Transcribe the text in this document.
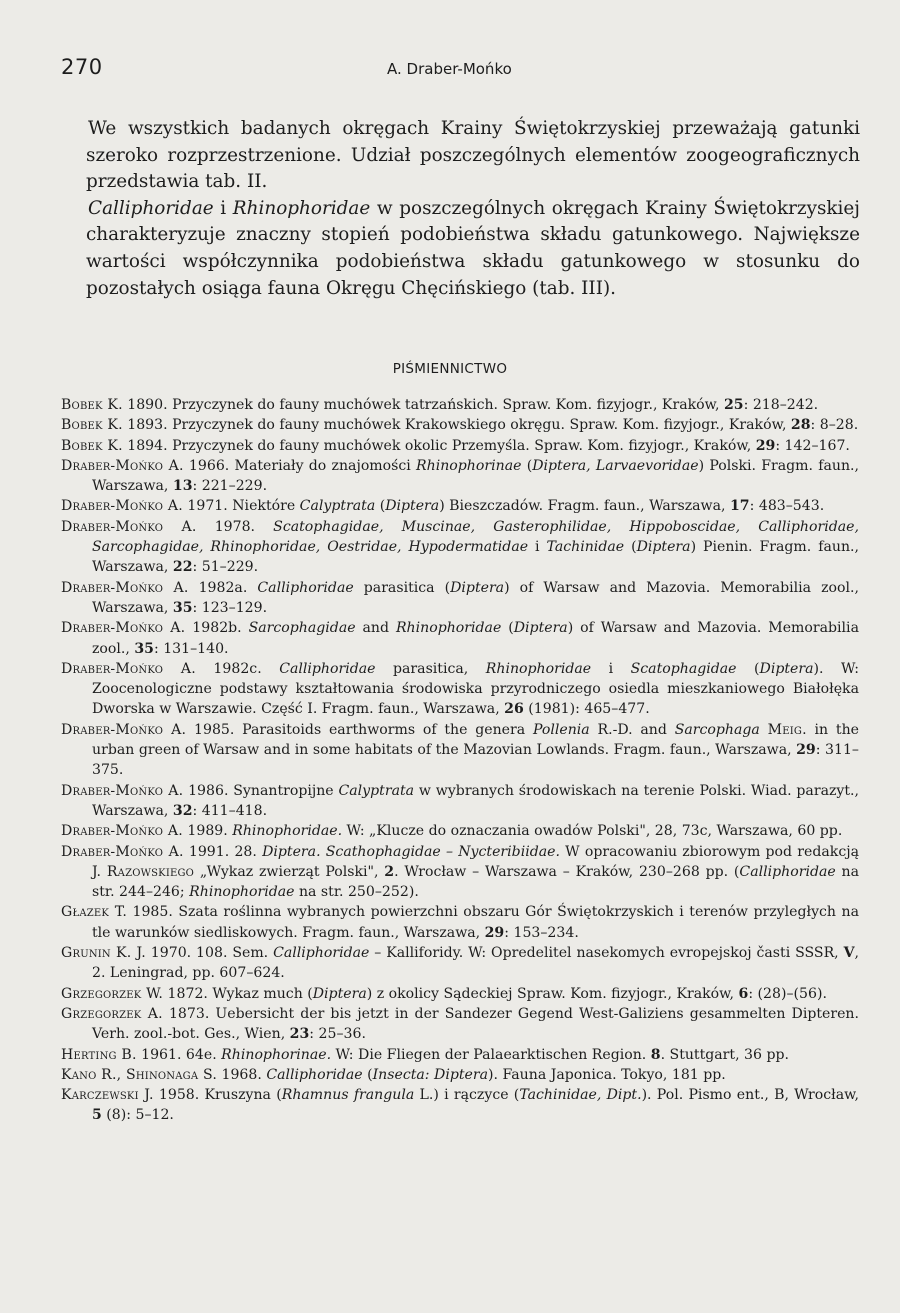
270	A. Draber-Mońko

We wszystkich badanych okręgach Krainy Świętokrzyskiej przeważają gatunki szeroko rozprzestrzenione. Udział poszczególnych elementów zoogeograficznych przedstawia tab. II.

Calliphoridae i Rhinophoridae w poszczególnych okręgach Krainy Świętokrzyskiej charakteryzuje znaczny stopień podobieństwa składu gatunkowego. Największe wartości współczynnika podobieństwa składu gatunkowego w stosunku do pozostałych osiąga fauna Okręgu Chęcińskiego (tab. III).

PIŚMIENNICTWO

Bobek K. 1890. Przyczynek do fauny muchówek tatrzańskich. Spraw. Kom. fizyjogr., Kraków, 25: 218–242.

Bobek K. 1893. Przyczynek do fauny muchówek Krakowskiego okręgu. Spraw. Kom. fizyjogr., Kraków, 28: 8–28.

Bobek K. 1894. Przyczynek do fauny muchówek okolic Przemyśla. Spraw. Kom. fizyjogr., Kraków, 29: 142–167.

Draber-Mońko A. 1966. Materiały do znajomości Rhinophorinae (Diptera, Larvaevoridae) Polski. Fragm. faun., Warszawa, 13: 221–229.

Draber-Mońko A. 1971. Niektóre Calyptrata (Diptera) Bieszczadów. Fragm. faun., Warszawa, 17: 483–543.

Draber-Mońko A. 1978. Scatophagidae, Muscinae, Gasterophilidae, Hippoboscidae, Calliphoridae, Sarcophagidae, Rhinophoridae, Oestridae, Hypodermatidae i Tachinidae (Diptera) Pienin. Fragm. faun., Warszawa, 22: 51–229.

Draber-Mońko A. 1982a. Calliphoridae parasitica (Diptera) of Warsaw and Mazovia. Memorabilia zool., Warszawa, 35: 123–129.

Draber-Mońko A. 1982b. Sarcophagidae and Rhinophoridae (Diptera) of Warsaw and Mazovia. Memorabilia zool., 35: 131–140.

Draber-Mońko A. 1982c. Calliphoridae parasitica, Rhinophoridae i Scatophagidae (Diptera). W: Zoocenologiczne podstawy kształtowania środowiska przyrodniczego osiedla mieszkaniowego Białołęka Dworska w Warszawie. Część I. Fragm. faun., Warszawa, 26 (1981): 465–477.

Draber-Mońko A. 1985. Parasitoids earthworms of the genera Pollenia R.-D. and Sarcophaga Meig. in the urban green of Warsaw and in some habitats of the Mazovian Lowlands. Fragm. faun., Warszawa, 29: 311–375.

Draber-Mońko A. 1986. Synantropijne Calyptrata w wybranych środowiskach na terenie Polski. Wiad. parazyt., Warszawa, 32: 411–418.

Draber-Mońko A. 1989. Rhinophoridae. W: „Klucze do oznaczania owadów Polski", 28, 73c, Warszawa, 60 pp.

Draber-Mońko A. 1991. 28. Diptera. Scathophagidae – Nycteribiidae. W opracowaniu zbiorowym pod redakcją J. Razowskiego „Wykaz zwierząt Polski", 2. Wrocław – Warszawa – Kraków, 230–268 pp. (Calliphoridae na str. 244–246; Rhinophoridae na str. 250–252).

Głazek T. 1985. Szata roślinna wybranych powierzchni obszaru Gór Świętokrzyskich i terenów przyległych na tle warunków siedliskowych. Fragm. faun., Warszawa, 29: 153–234.

Grunin K. J. 1970. 108. Sem. Calliphoridae – Kalliforidy. W: Opredelitel nasekomych evropejskoj časti SSSR, V, 2. Leningrad, pp. 607–624.

Grzegorzek W. 1872. Wykaz much (Diptera) z okolicy Sądeckiej Spraw. Kom. fizyjogr., Kraków, 6: (28)–(56).

Grzegorzek A. 1873. Uebersicht der bis jetzt in der Sandezer Gegend West-Galiziens gesammelten Dipteren. Verh. zool.-bot. Ges., Wien, 23: 25–36.

Herting B. 1961. 64e. Rhinophorinae. W: Die Fliegen der Palaearktischen Region. 8. Stuttgart, 36 pp.

Kano R., Shinonaga S. 1968. Calliphoridae (Insecta: Diptera). Fauna Japonica. Tokyo, 181 pp.

Karczewski J. 1958. Kruszyna (Rhamnus frangula L.) i rączyce (Tachinidae, Dipt.). Pol. Pismo ent., B, Wrocław, 5 (8): 5–12.
